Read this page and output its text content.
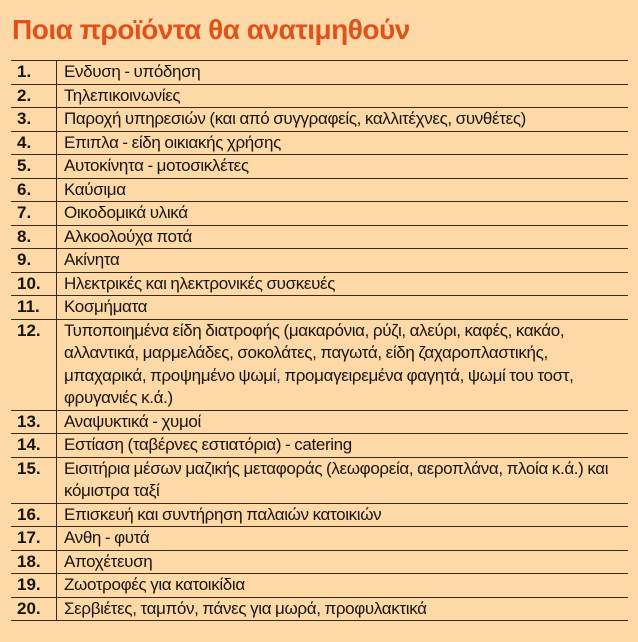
Ποια προϊόντα θα ανατιμηθούν
1.	Ενδυση - υπόδηση
2.	Τηλεπικοινωνίες
3.	Παροχή υπηρεσιών (και από συγγραφείς, καλλιτέχνες, συνθέτες)
4.	Επιπλα - είδη οικιακής χρήσης
5.	Αυτοκίνητα - μοτοσικλέτες
6.	Καύσιμα
7.	Οικοδομικά υλικά
8.	Αλκοολούχα ποτά
9.	Ακίνητα
10.	Ηλεκτρικές και ηλεκτρονικές συσκευές
11.	Κοσμήματα
12.	Τυποποιημένα είδη διατροφής (μακαρόνια, ρύζι, αλεύρι, καφές, κακάο, αλλαντικά, μαρμελάδες, σοκολάτες, παγωτά, είδη ζαχαροπλαστικής, μπαχαρικά, προψημένο ψωμί, προμαγειρεμένα φαγητά, ψωμί του τοστ, φρυγανιές κ.ά.)
13.	Αναψυκτικά - χυμοί
14.	Εστίαση (ταβέρνες εστιατόρια) - catering
15.	Εισιτήρια μέσων μαζικής μεταφοράς (λεωφορεία, αεροπλάνα, πλοία κ.ά.) και κόμιστρα ταξί
16.	Επισκευή και συντήρηση παλαιών κατοικιών
17.	Ανθη - φυτά
18.	Αποχέτευση
19.	Ζωοτροφές για κατοικίδια
20.	Σερβιέτες, ταμπόν, πάνες για μωρά, προφυλακτικά
